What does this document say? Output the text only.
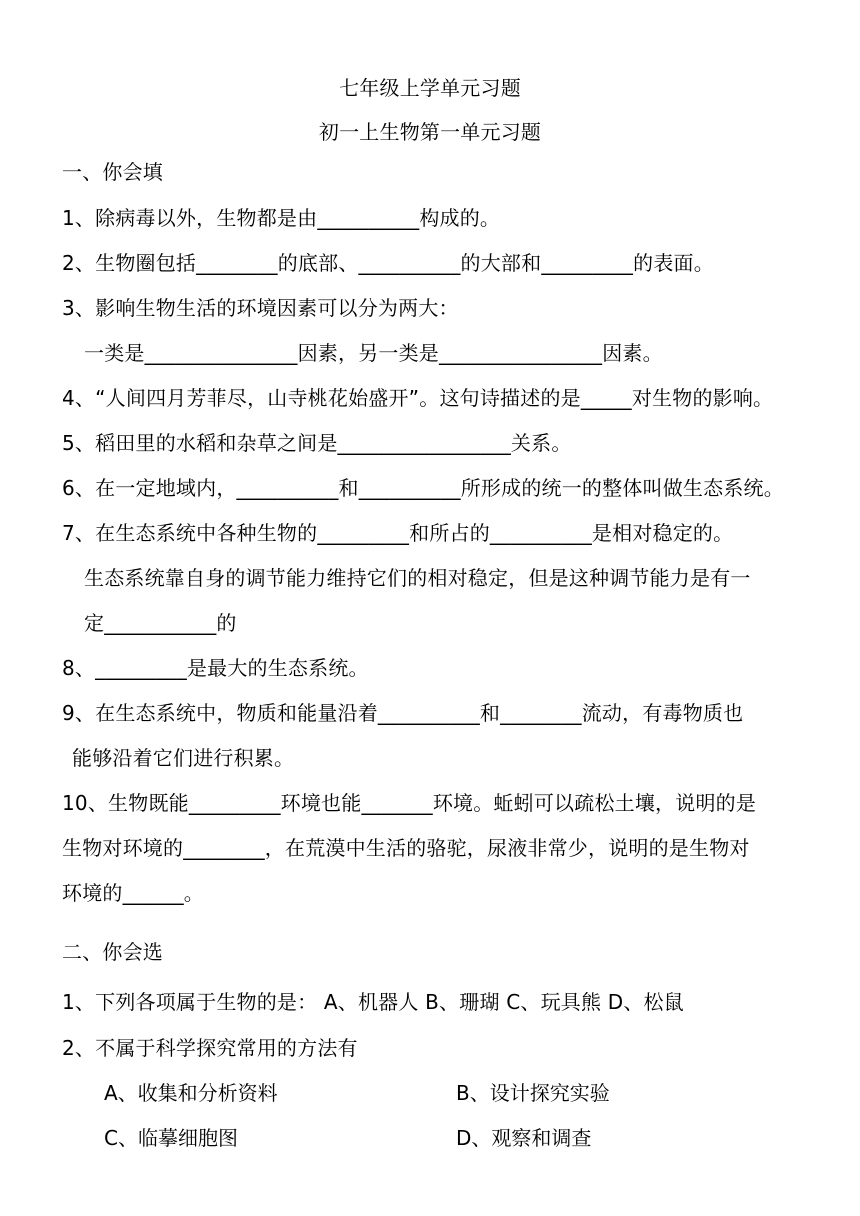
七年级上学单元习题
初一上生物第一单元习题
一、你会填
1、除病毒以外，生物都是由__________构成的。
2、生物圈包括________的底部、__________的大部和_________的表面。
3、影响生物生活的环境因素可以分为两大：
一类是_______________因素，另一类是________________因素。
4、“人间四月芳菲尽，山寺桃花始盛开”。这句诗描述的是_____对生物的影响。
5、稻田里的水稻和杂草之间是_________________关系。
6、在一定地域内，__________和__________所形成的统一的整体叫做生态系统。
7、在生态系统中各种生物的_________和所占的__________是相对稳定的。
生态系统靠自身的调节能力维持它们的相对稳定，但是这种调节能力是有一
定___________的
8、_________是最大的生态系统。
9、在生态系统中，物质和能量沿着__________和________流动，有毒物质也
能够沿着它们进行积累。
10、生物既能_________环境也能_______环境。蚯蚓可以疏松土壤，说明的是
生物对环境的________，在荒漠中生活的骆驼，尿液非常少，说明的是生物对
环境的______。
二、你会选
1、下列各项属于生物的是： A、机器人 B、珊瑚 C、玩具熊 D、松鼠
2、不属于科学探究常用的方法有
A、收集和分析资料	B、设计探究实验
C、临摹细胞图	D、观察和调查
